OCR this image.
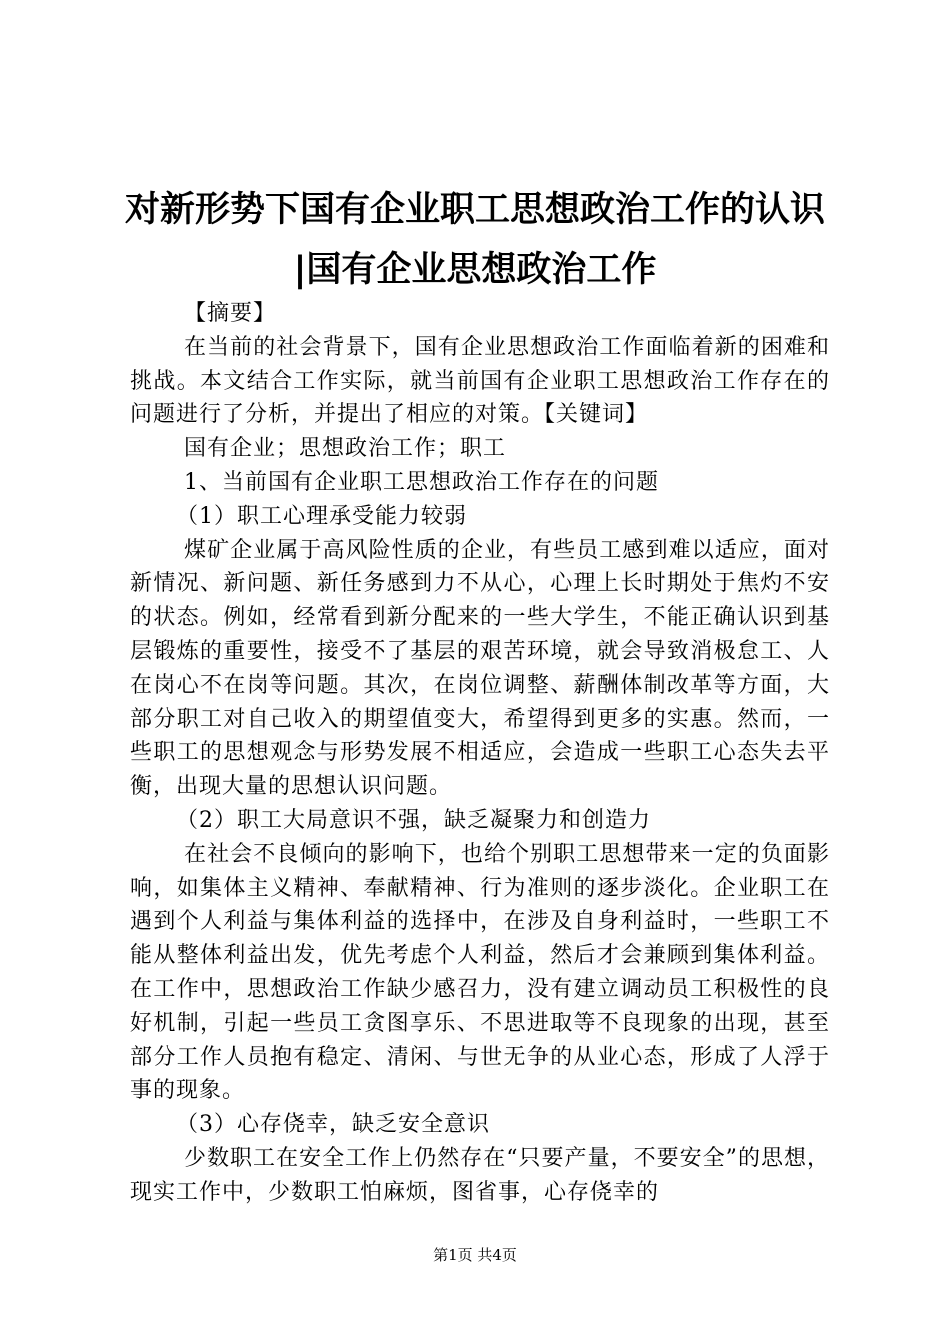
对新形势下国有企业职工思想政治工作的认识
|国有企业思想政治工作

【摘要】

在当前的社会背景下，国有企业思想政治工作面临着新的困难和挑战。本文结合工作实际，就当前国有企业职工思想政治工作存在的问题进行了分析，并提出了相应的对策。【关键词】

国有企业；思想政治工作；职工

1、当前国有企业职工思想政治工作存在的问题

（1）职工心理承受能力较弱

煤矿企业属于高风险性质的企业，有些员工感到难以适应，面对新情况、新问题、新任务感到力不从心，心理上长时期处于焦灼不安的状态。例如，经常看到新分配来的一些大学生，不能正确认识到基层锻炼的重要性，接受不了基层的艰苦环境，就会导致消极怠工、人在岗心不在岗等问题。其次，在岗位调整、薪酬体制改革等方面，大部分职工对自己收入的期望值变大，希望得到更多的实惠。然而，一些职工的思想观念与形势发展不相适应，会造成一些职工心态失去平衡，出现大量的思想认识问题。

（2）职工大局意识不强，缺乏凝聚力和创造力

在社会不良倾向的影响下，也给个别职工思想带来一定的负面影响，如集体主义精神、奉献精神、行为准则的逐步淡化。企业职工在遇到个人利益与集体利益的选择中，在涉及自身利益时，一些职工不能从整体利益出发，优先考虑个人利益，然后才会兼顾到集体利益。在工作中，思想政治工作缺少感召力，没有建立调动员工积极性的良好机制，引起一些员工贪图享乐、不思进取等不良现象的出现，甚至部分工作人员抱有稳定、清闲、与世无争的从业心态，形成了人浮于事的现象。

（3）心存侥幸，缺乏安全意识

少数职工在安全工作上仍然存在“只要产量，不要安全”的思想，现实工作中，少数职工怕麻烦，图省事，心存侥幸的

第1页 共4页
